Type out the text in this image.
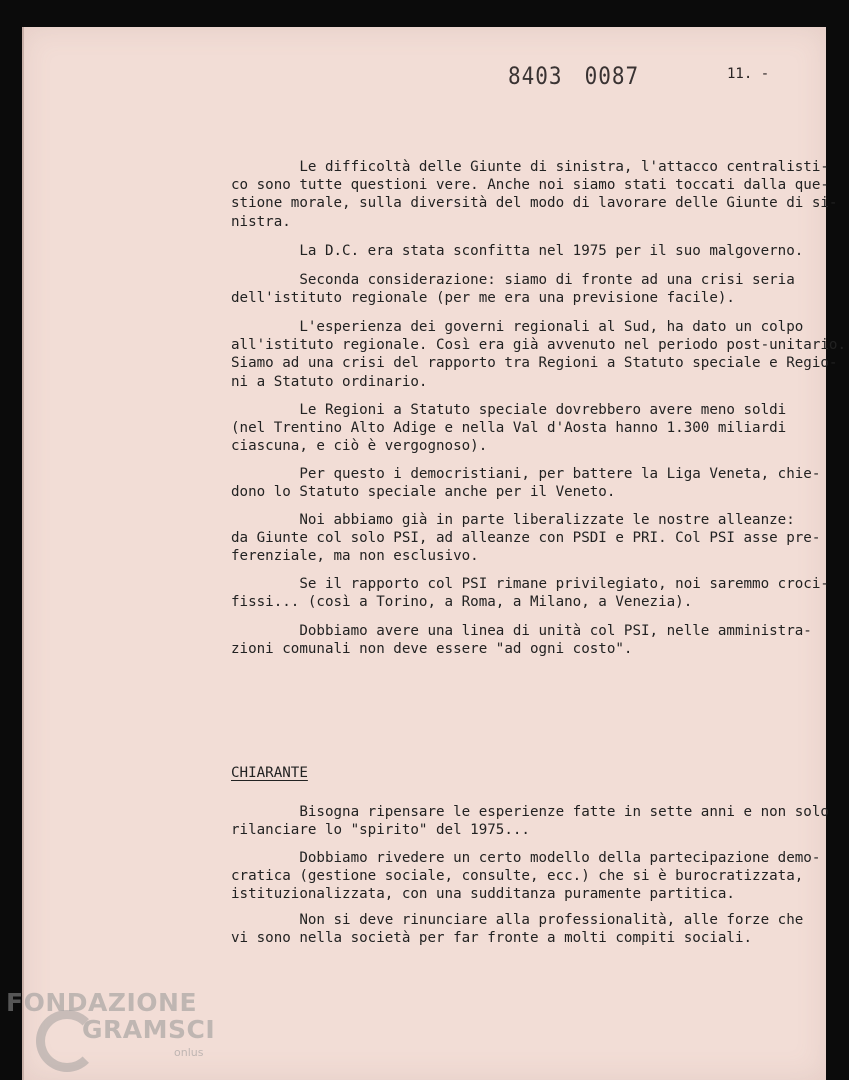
8403 0087	11. -
Le difficoltà delle Giunte di sinistra, l'attacco centralisti-
co sono tutte questioni vere. Anche noi siamo stati toccati dalla
stione morale, sulla diversità del modo di lavorare delle Giunte di
nistra.
La D.C. era stata sconfitta nel 1975 per il suo malgoverno.
Seconda considerazione: siamo di fronte ad una crisi seria
dell'istituto regionale (per me era una previsione facile).
L'esperienza dei governi regionali al Sud, ha dato un colpo
all'istituto regionale. Così era già avvenuto nel periodo post-unitario.
Siamo ad una crisi del rapporto tra Regioni a Statuto speciale e
ni a Statuto ordinario.
Le Regioni a Statuto speciale dovrebbero avere meno soldi
(nel Trentino Alto Adige e nella Val d'Aosta hanno 1.300 miliardi
ciascuna, e ciò è vergognoso).
Per questo i democristiani, per battere la Liga Veneta, chie-
dono lo Statuto speciale anche per il Veneto.
Noi abbiamo già in parte liberalizzate le nostre alleanze:
da Giunte col solo PSI, ad alleanze con PSDI e PRI. Col PSI asse pre-
ferenziale, ma non esclusivo.
Se il rapporto col PSI rimane privilegiato, noi saremmo croci-
fissi... (così a Torino, a Roma, a Milano, a Venezia).
Dobbiamo avere una linea di unità col PSI, nelle amministra-
zioni comunali non deve essere "ad ogni costo".
CHIARANTE
Bisogna ripensare le esperienze fatte in sette anni e non
rilanciare lo "spirito" del 1975...
Dobbiamo rivedere un certo modello della partecipazione demo-
cratica (gestione sociale, consulte, ecc.) che si è burocratizzata,
istituzionalizzata, con una sudditanza puramente partitica.
Non si deve rinunciare alla professionalità, alle forze che
vi sono nella società per far fronte a molti compiti sociali.
FONDAZIONE
GRAMSCI
onlus
